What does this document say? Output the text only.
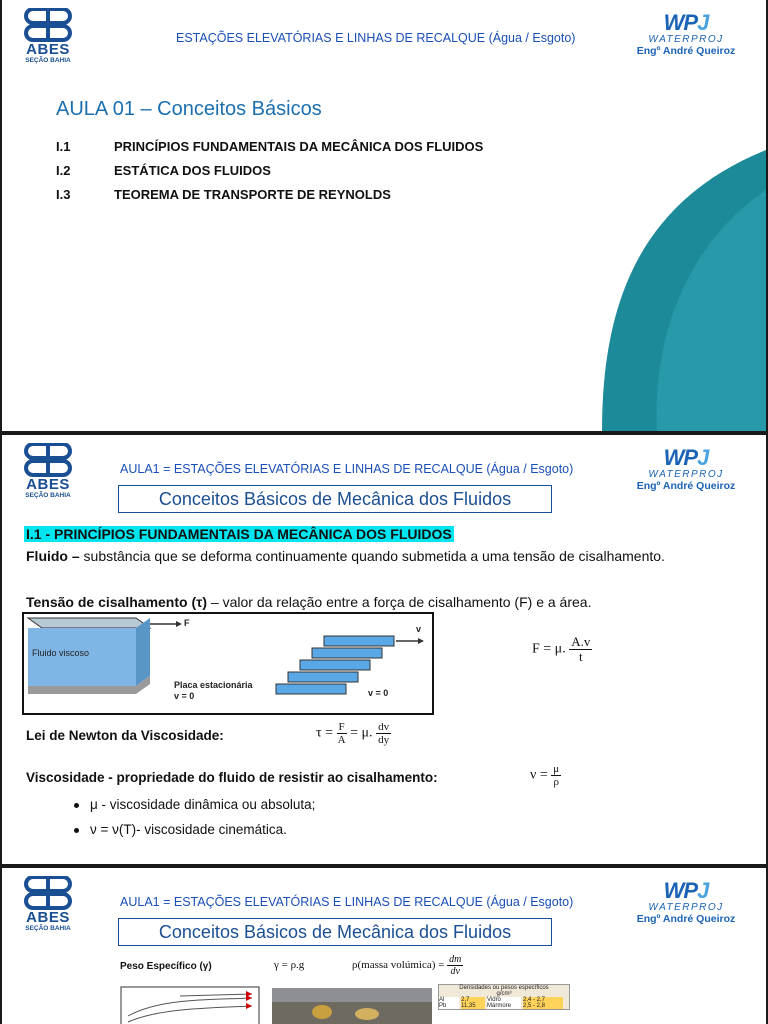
ABES
SEÇÃO BAHIA
ESTAÇÕES ELEVATÓRIAS E LINHAS DE RECALQUE (Água / Esgoto)
WPJ
WATERPROJ
Engº André Queiroz
AULA 01 – Conceitos Básicos
I.1	PRINCÍPIOS FUNDAMENTAIS DA MECÂNICA DOS FLUIDOS
I.2	ESTÁTICA DOS FLUIDOS
I.3	TEOREMA DE TRANSPORTE DE REYNOLDS
ABES
SEÇÃO BAHIA
AULA1 = ESTAÇÕES ELEVATÓRIAS E LINHAS DE RECALQUE (Água / Esgoto)	WPJ
WATERPROJ
Engº André Queiroz
Conceitos Básicos de Mecânica dos Fluidos
I.1 - PRINCÍPIOS FUNDAMENTAIS DA MECÂNICA DOS FLUIDOS
Fluido – substância que se deforma continuamente quando submetida a uma tensão de cisalhamento.
Tensão de cisalhamento (τ) – valor da relação entre a força de cisalhamento (F) e a área.
F
Fluido viscoso
Placa estacionária
v = 0
v
v = 0
F = μ. $\frac{A.v}{t}$
Lei de Newton da Viscosidade:	$\tau = \frac{F}{A} = \mu$. $\frac{dv}{dy}$
Viscosidade - propriedade do fluido de resistir ao cisalhamento:	$\nu = \frac{\mu}{\rho}$
μ - viscosidade dinâmica ou absoluta;
ν = ν(T)- viscosidade cinemática.
ABES
SEÇÃO BAHIA
AULA1 = ESTAÇÕES ELEVATÓRIAS E LINHAS DE RECALQUE (Água / Esgoto)	WPJ
WATERPROJ
Engº André Queiroz
Conceitos Básicos de Mecânica dos Fluidos
Peso Específico (γ)	γ = ρ.g	ρ(massa volúmica) = $\frac{dm}{dv}$
Densidades ou pesos específicos
g/cm³
Al	2,7	Vidro	2,4 - 2,7
Pb	11,35	Mármore	2,5 - 2,8
